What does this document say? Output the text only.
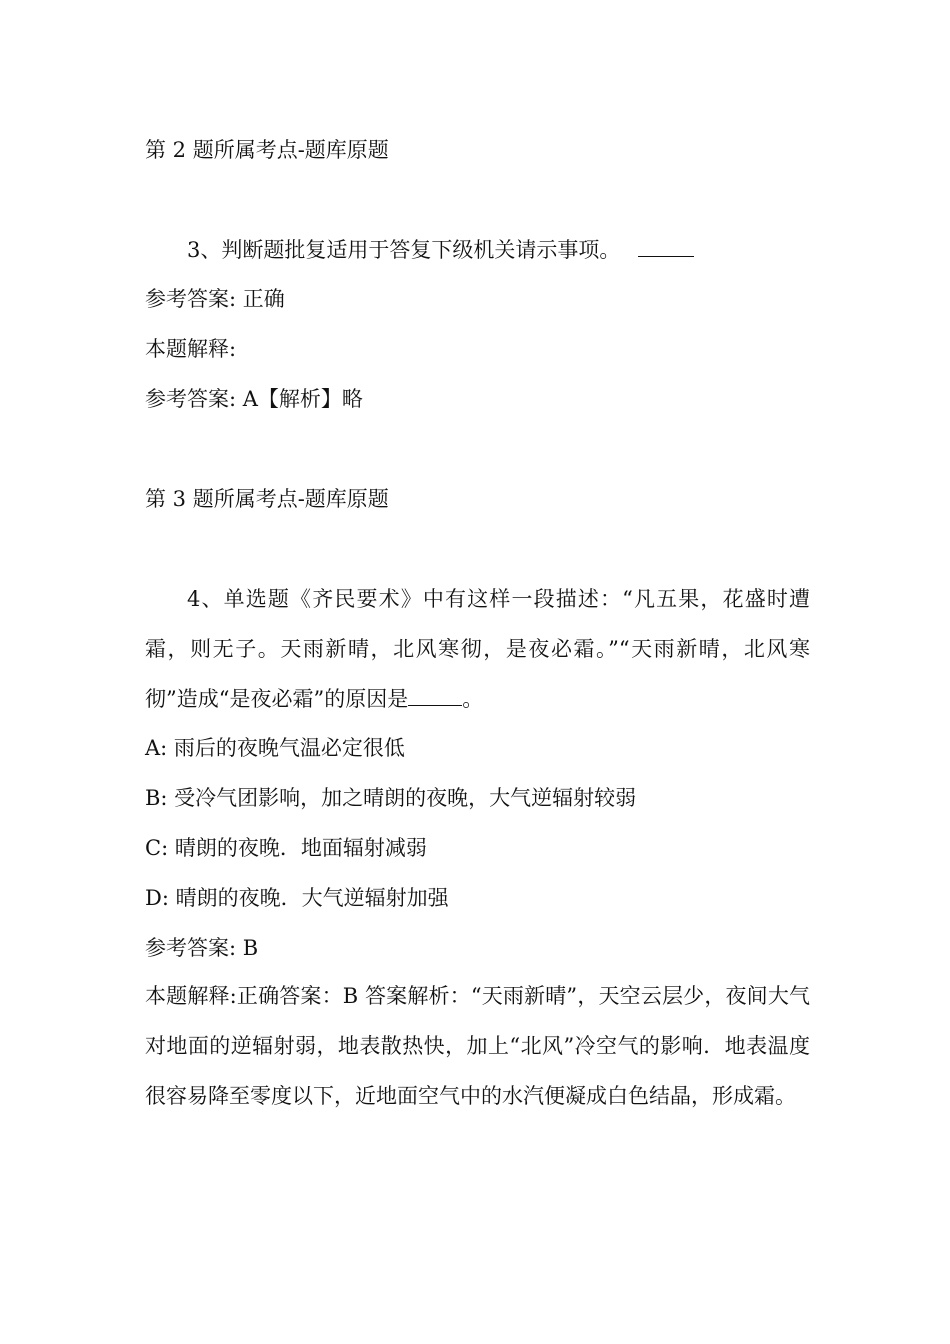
第 2 题所属考点-题库原题
3、判断题批复适用于答复下级机关请示事项。
参考答案: 正确
本题解释:
参考答案: A【解析】略
第 3 题所属考点-题库原题
4、单选题《齐民要术》中有这样一段描述：“凡五果，花盛时遭霜，则无子。天雨新晴，北风寒彻，是夜必霜。”“天雨新晴，北风寒彻”造成“是夜必霜”的原因是	。
A: 雨后的夜晚气温必定很低
B: 受冷气团影响，加之晴朗的夜晚，大气逆辐射较弱
C: 晴朗的夜晚．地面辐射减弱
D: 晴朗的夜晚．大气逆辐射加强
参考答案: B
本题解释:正确答案：B 答案解析：“天雨新晴”，天空云层少，夜间大气对地面的逆辐射弱，地表散热快，加上“北风”冷空气的影响．地表温度很容易降至零度以下，近地面空气中的水汽便凝成白色结晶，形成霜。
